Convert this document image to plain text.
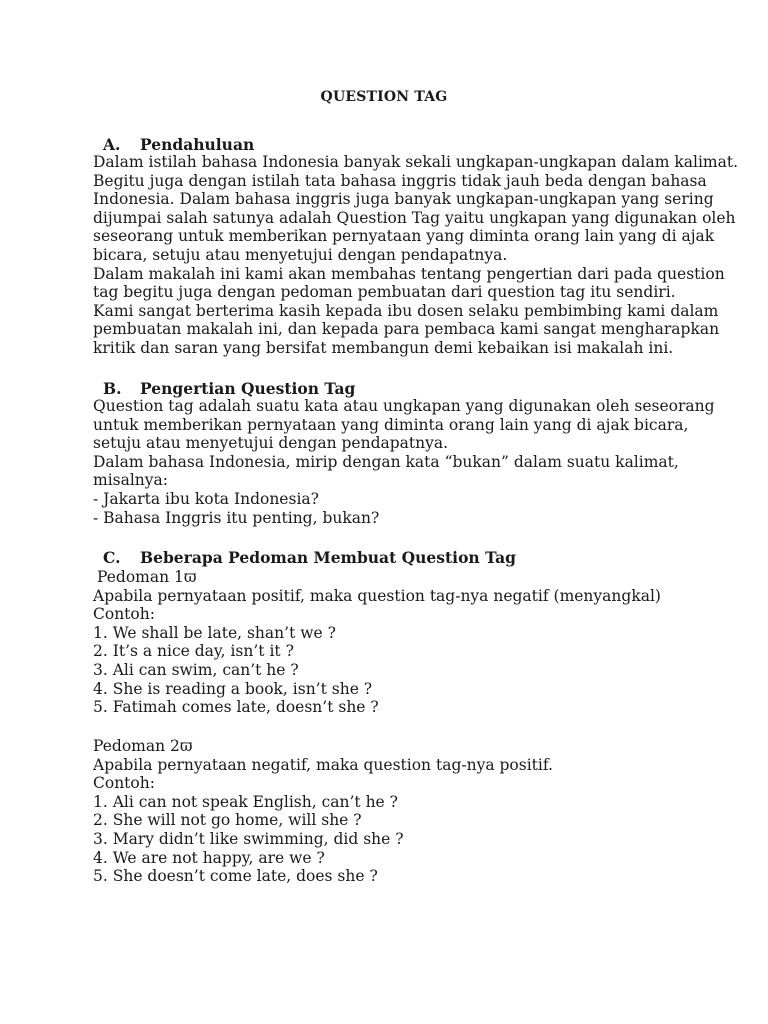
QUESTION TAG
A. Pendahuluan

Dalam istilah bahasa Indonesia banyak sekali ungkapan-ungkapan dalam kalimat.

Begitu juga dengan istilah tata bahasa inggris tidak jauh beda dengan bahasa

Indonesia. Dalam bahasa inggris juga banyak ungkapan-ungkapan yang sering

dijumpai salah satunya adalah Question Tag yaitu ungkapan yang digunakan oleh

seseorang untuk memberikan pernyataan yang diminta orang lain yang di ajak

bicara, setuju atau menyetujui dengan pendapatnya.

Dalam makalah ini kami akan membahas tentang pengertian dari pada question

tag begitu juga dengan pedoman pembuatan dari question tag itu sendiri.

Kami sangat berterima kasih kepada ibu dosen selaku pembimbing kami dalam

pembuatan makalah ini, dan kepada para pembaca kami sangat mengharapkan

kritik dan saran yang bersifat membangun demi kebaikan isi makalah ini.

B. Pengertian Question Tag

Question tag adalah suatu kata atau ungkapan yang digunakan oleh seseorang

untuk memberikan pernyataan yang diminta orang lain yang di ajak bicara,

setuju atau menyetujui dengan pendapatnya.

Dalam bahasa Indonesia, mirip dengan kata “bukan” dalam suatu kalimat,

misalnya:

- Jakarta ibu kota Indonesia?

- Bahasa Inggris itu penting, bukan?

C. Beberapa Pedoman Membuat Question Tag

Pedoman 1ϖ

Apabila pernyataan positif, maka question tag-nya negatif (menyangkal)

Contoh:

1. We shall be late, shan’t we ?

2. It’s a nice day, isn’t it ?

3. Ali can swim, can’t he ?

4. She is reading a book, isn’t she ?

5. Fatimah comes late, doesn’t she ?

Pedoman 2ϖ

Apabila pernyataan negatif, maka question tag-nya positif.

Contoh:

1. Ali can not speak English, can’t he ?

2. She will not go home, will she ?

3. Mary didn’t like swimming, did she ?

4. We are not happy, are we ?

5. She doesn’t come late, does she ?
